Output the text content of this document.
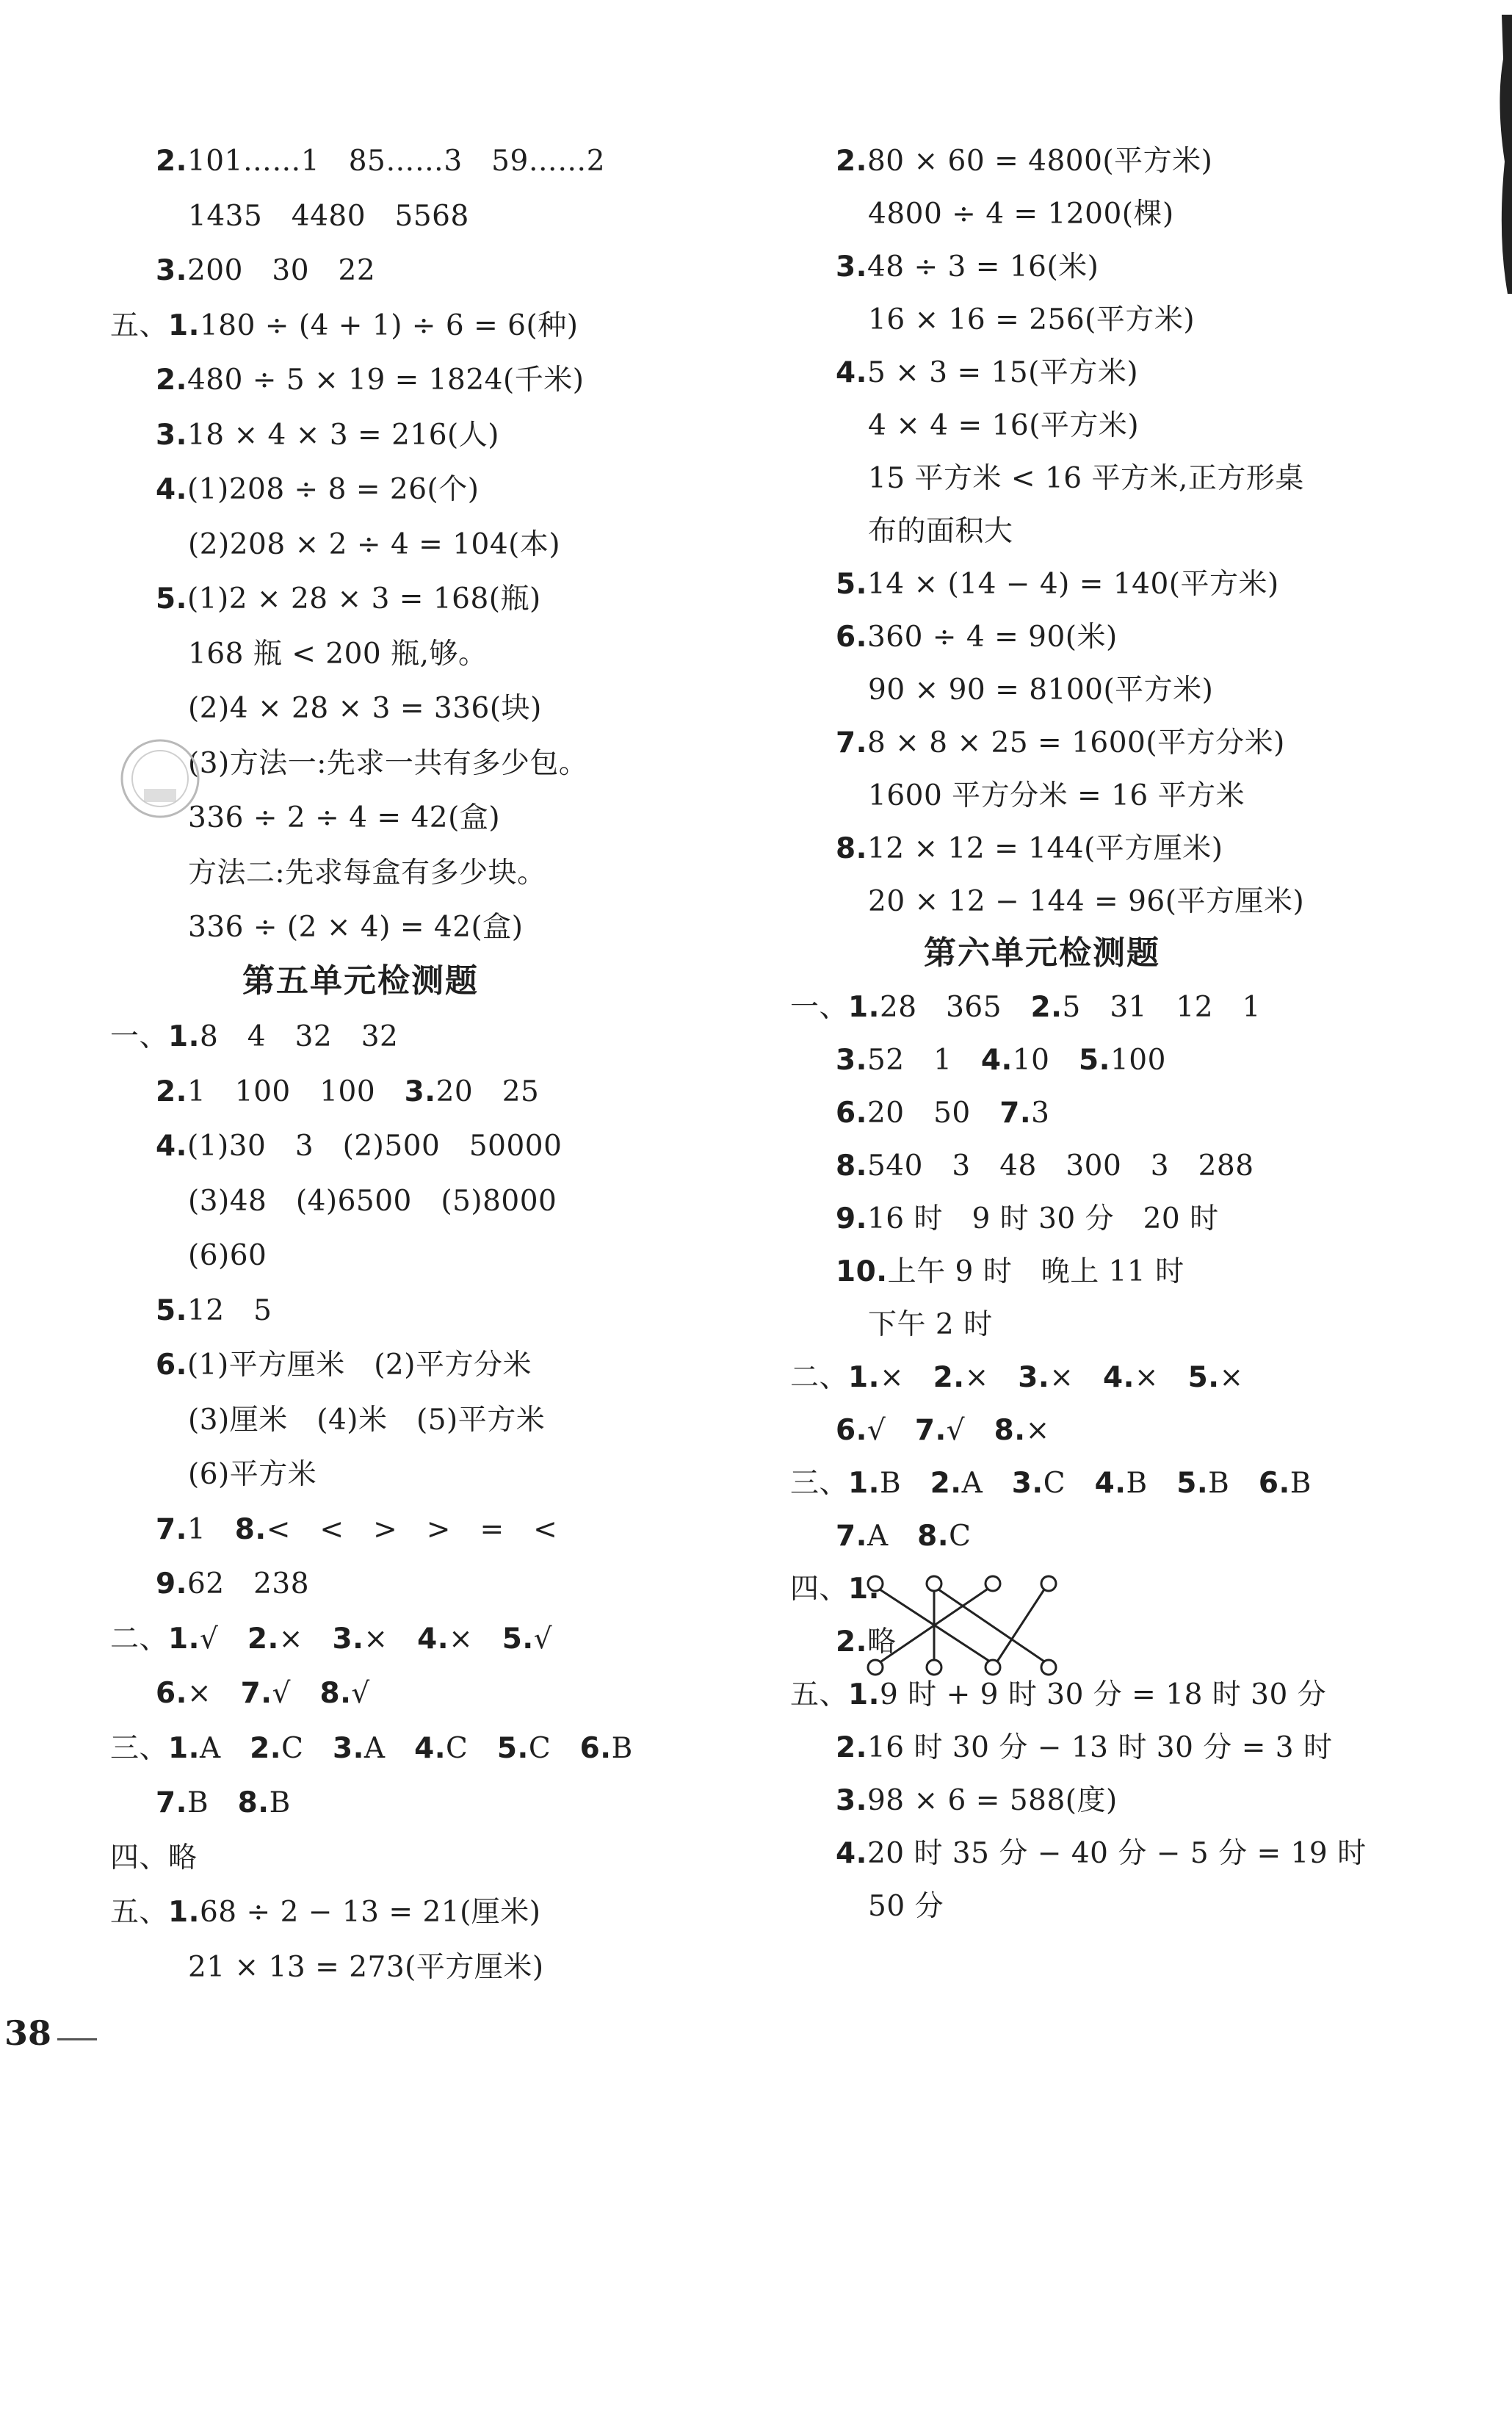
2.101……1　85……3　59……2
1435　4480　5568
3.200　30　22
五、1.180 ÷ (4 + 1) ÷ 6 = 6(种)
2.480 ÷ 5 × 19 = 1824(千米)
3.18 × 4 × 3 = 216(人)
4.(1)208 ÷ 8 = 26(个)
(2)208 × 2 ÷ 4 = 104(本)
5.(1)2 × 28 × 3 = 168(瓶)
168 瓶 < 200 瓶,够。
(2)4 × 28 × 3 = 336(块)
(3)方法一:先求一共有多少包。
336 ÷ 2 ÷ 4 = 42(盒)
方法二:先求每盒有多少块。
336 ÷ (2 × 4) = 42(盒)
第五单元检测题
一、1.8　4　32　32
2.1　100　100　3.20　25
4.(1)30　3　(2)500　50000
(3)48　(4)6500　(5)8000
(6)60
5.12　5
6.(1)平方厘米　(2)平方分米
(3)厘米　(4)米　(5)平方米
(6)平方米
7.1　8.<　<　>　>　=　<
9.62　238
二、1.√　2.×　3.×　4.×　5.√
6.×　7.√　8.√
三、1.A　2.C　3.A　4.C　5.C　6.B
7.B　8.B
四、略
五、1.68 ÷ 2 − 13 = 21(厘米)
21 × 13 = 273(平方厘米)
2.80 × 60 = 4800(平方米)
4800 ÷ 4 = 1200(棵)
3.48 ÷ 3 = 16(米)
16 × 16 = 256(平方米)
4.5 × 3 = 15(平方米)
4 × 4 = 16(平方米)
15 平方米 < 16 平方米,正方形桌
布的面积大
5.14 × (14 − 4) = 140(平方米)
6.360 ÷ 4 = 90(米)
90 × 90 = 8100(平方米)
7.8 × 8 × 25 = 1600(平方分米)
1600 平方分米 = 16 平方米
8.12 × 12 = 144(平方厘米)
20 × 12 − 144 = 96(平方厘米)
第六单元检测题
一、1.28　365　2.5　31　12　1
3.52　1　4.10　5.100
6.20　50　7.3
8.540　3　48　300　3　288
9.16 时　9 时 30 分　20 时
10.上午 9 时　晚上 11 时
下午 2 时
二、1.×　2.×　3.×　4.×　5.×
6.√　7.√　8.×
三、1.B　2.A　3.C　4.B　5.B　6.B
7.A　8.C
四、1.
2.略
五、1.9 时 + 9 时 30 分 = 18 时 30 分
2.16 时 30 分 − 13 时 30 分 = 3 时
3.98 × 6 = 588(度)
4.20 时 35 分 − 40 分 − 5 分 = 19 时
50 分
38
